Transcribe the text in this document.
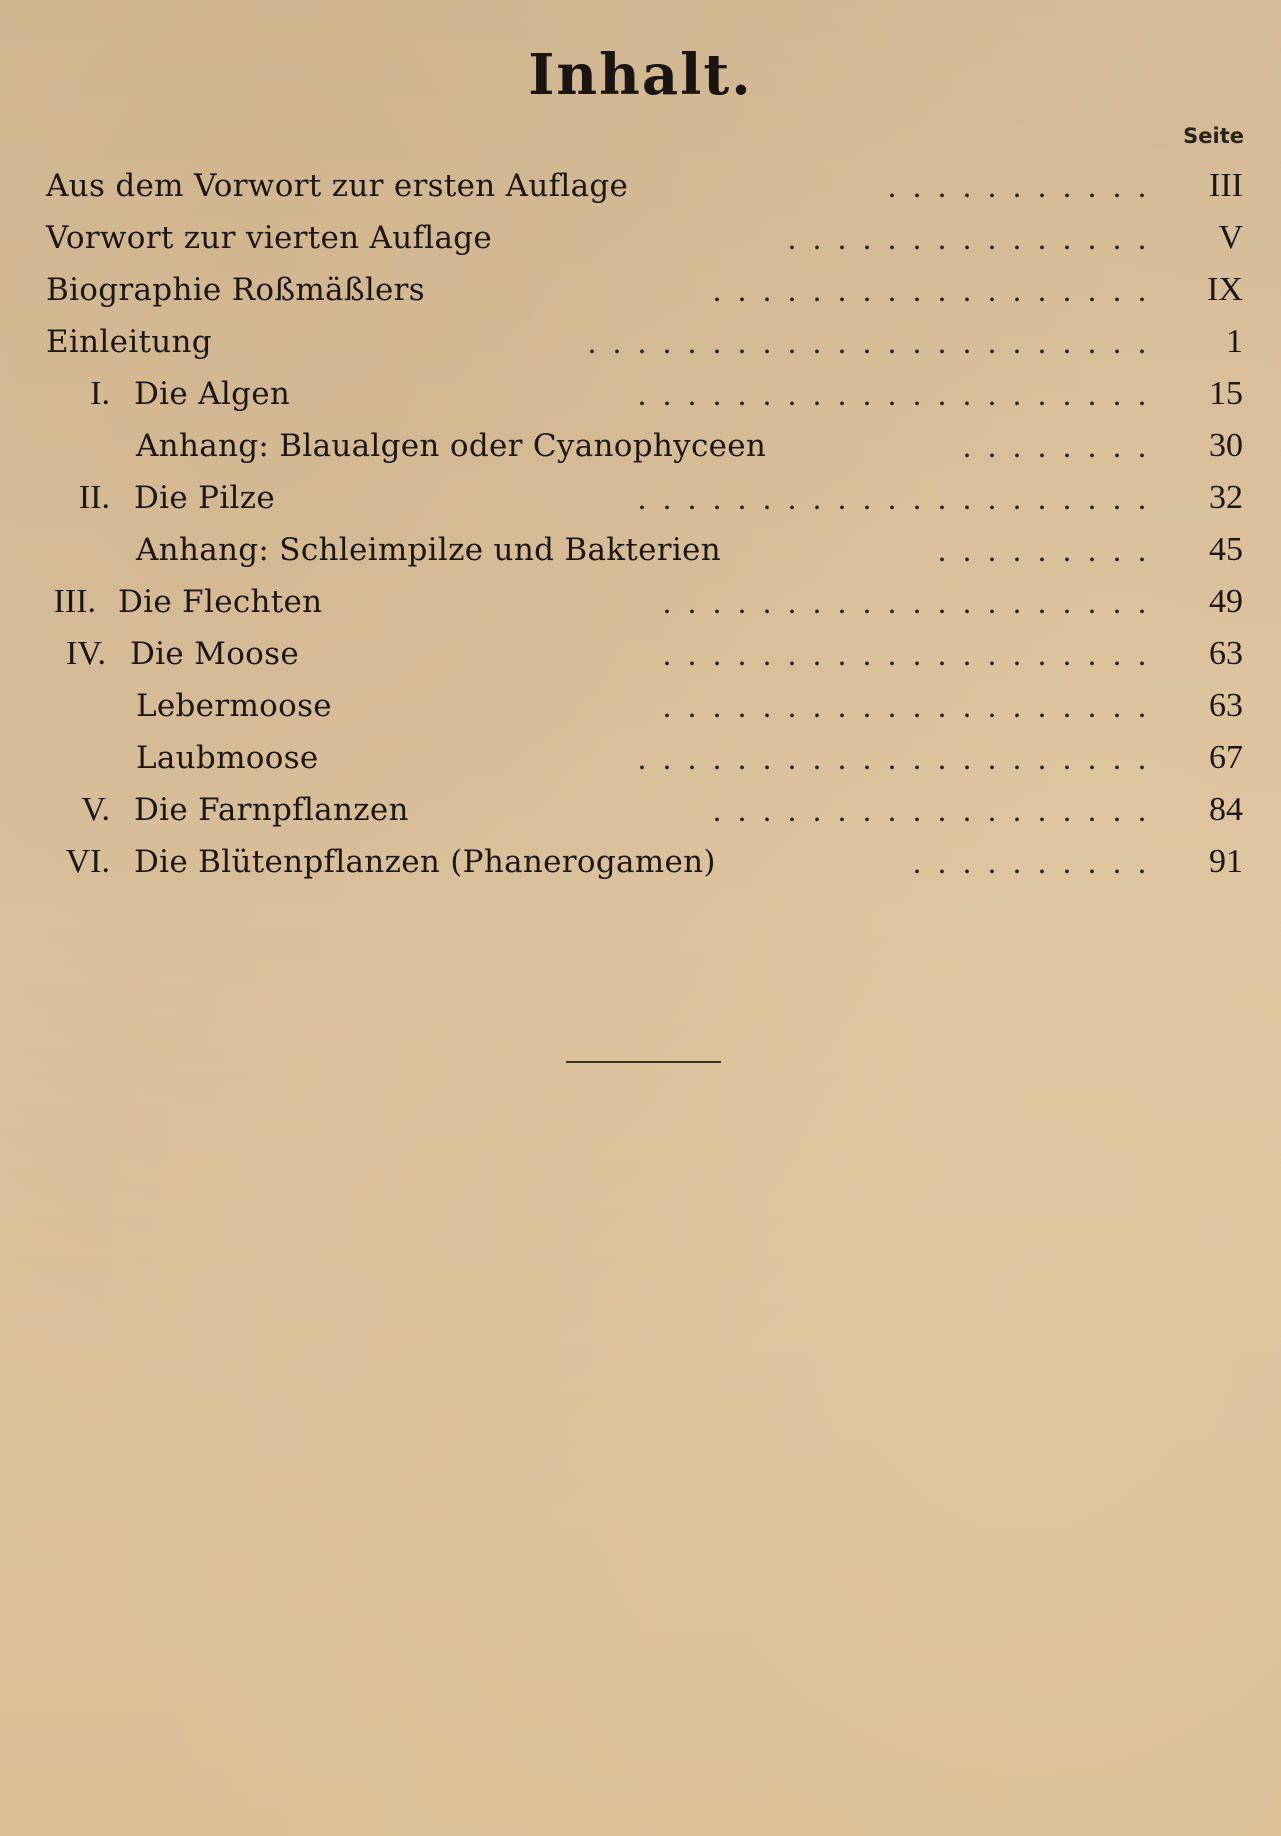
Inhalt.
Seite
Aus dem Vorwort zur ersten Auflage	...........	III
Vorwort zur vierten Auflage	...............	V
Biographie Roßmäßlers	..................	IX
Einleitung	.......................	1
I. Die Algen	.....................	15
Anhang: Blaualgen oder Cyanophyceen	........	30
II. Die Pilze	.....................	32
Anhang: Schleimpilze und Bakterien	.........	45
III. Die Flechten	....................	49
IV. Die Moose	....................	63
Lebermoose	....................	63
Laubmoose	.....................	67
V. Die Farnpflanzen	..................	84
VI. Die Blütenpflanzen (Phanerogamen)	..........	91
